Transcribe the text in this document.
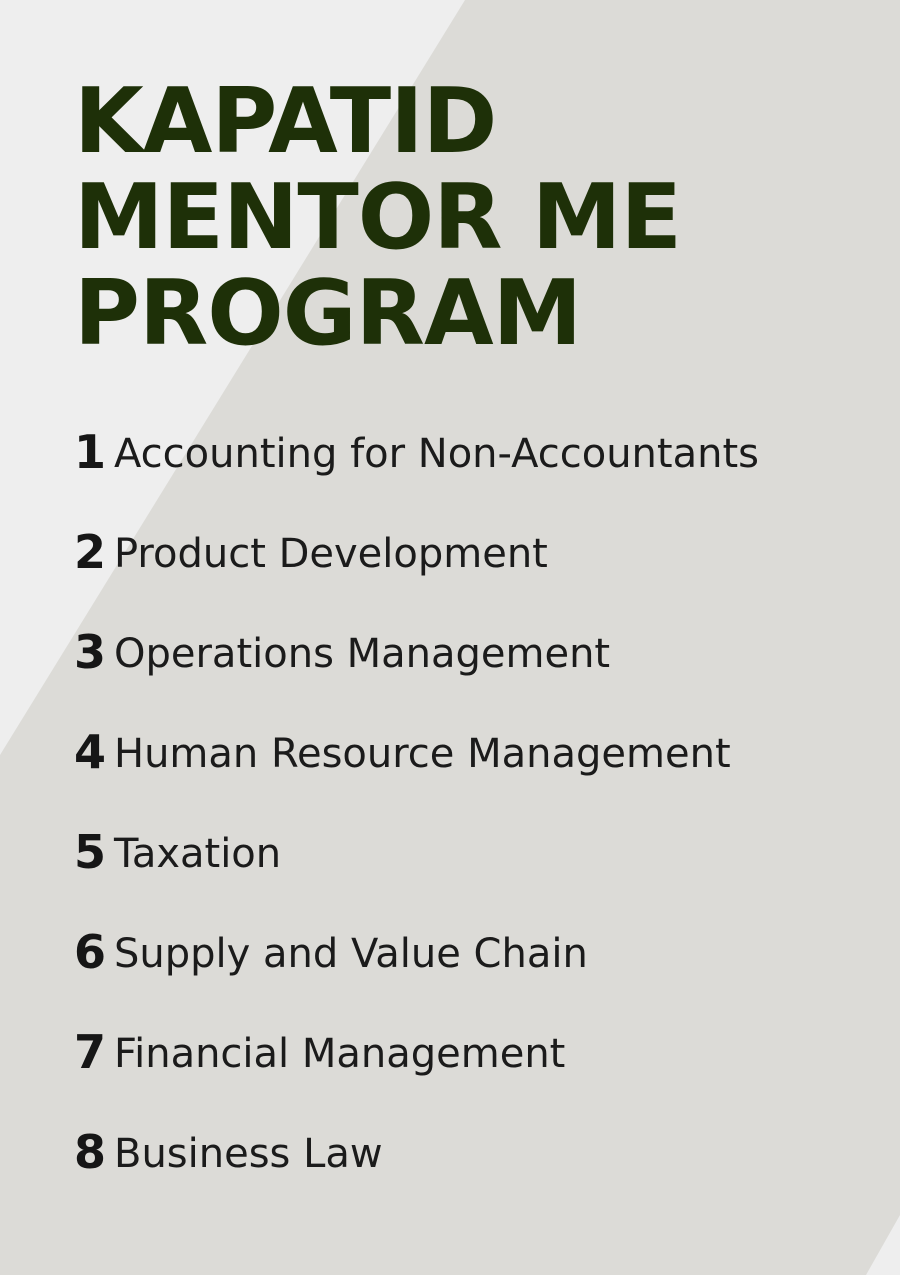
KAPATID
MENTOR ME
PROGRAM
1 Accounting for Non-Accountants
2 Product Development
3 Operations Management
4 Human Resource Management
5 Taxation
6 Supply and Value Chain
7 Financial Management
8 Business Law
